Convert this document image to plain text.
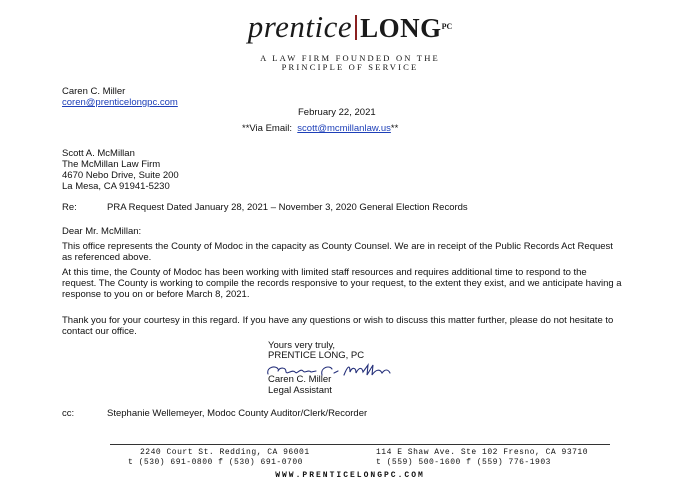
prentice $LONG^{PC}$
A LAW FIRM FOUNDED ON THE
PRINCIPLE OF SERVICE
Caren C. Miller
coren@prenticelongpc.com
February 22, 2021
**Via Email: scott@mcmillanlaw.us**
Scott A. McMillan
The McMillan Law Firm
4670 Nebo Drive, Suite 200
La Mesa, CA 91941-5230
Re:	PRA Request Dated January 28, 2021 – November 3, 2020 General Election Records
Dear Mr. McMillan:
This office represents the County of Modoc in the capacity as County Counsel. We are in receipt of the Public Records Act Request as referenced above.
At this time, the County of Modoc has been working with limited staff resources and requires additional time to respond to the request. The County is working to compile the records responsive to your request, to the extent they exist, and we anticipate having a response to you on or before March 8, 2021.
Thank you for your courtesy in this regard. If you have any questions or wish to discuss this matter further, please do not hesitate to contact our office.
Yours very truly,
PRENTICE LONG, PC
Caren C. Miller
Legal Assistant
cc:	Stephanie Wellemeyer, Modoc County Auditor/Clerk/Recorder
2240 Court St. Redding, CA 96001
t (530) 691-0800 f (530) 691-0700
114 E Shaw Ave. Ste 102 Fresno, CA 93710
t (559) 500-1600 f (559) 776-1903
WWW.PRENTICELONGPC.COM
